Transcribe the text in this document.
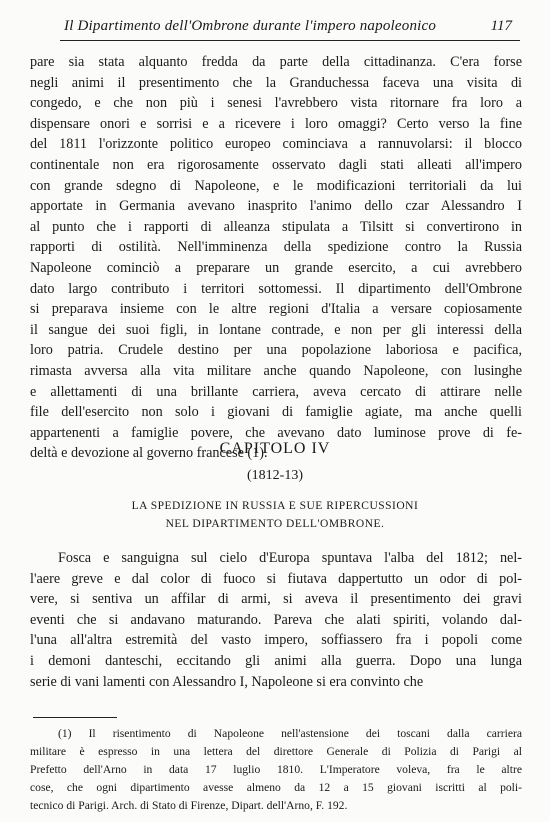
Il Dipartimento dell'Ombrone durante l'impero napoleonico	117
pare sia stata alquanto fredda da parte della cittadinanza. C'era forse
negli animi il presentimento che la Granduchessa faceva una visita di
congedo, e che non più i senesi l'avrebbero vista ritornare fra loro a
dispensare onori e sorrisi e a ricevere i loro omaggi? Certo verso la fine
del 1811 l'orizzonte politico europeo cominciava a rannuvolarsi: il blocco
continentale non era rigorosamente osservato dagli stati alleati all'impero
con grande sdegno di Napoleone, e le modificazioni territoriali da lui
apportate in Germania avevano inasprito l'animo dello czar Alessandro I
al punto che i rapporti di alleanza stipulata a Tilsitt si convertirono in
rapporti di ostilità. Nell'imminenza della spedizione contro la Russia
Napoleone cominciò a preparare un grande esercito, a cui avrebbero
dato largo contributo i territori sottomessi. Il dipartimento dell'Ombrone
si preparava insieme con le altre regioni d'Italia a versare copiosamente
il sangue dei suoi figli, in lontane contrade, e non per gli interessi della
loro patria. Crudele destino per una popolazione laboriosa e pacifica,
rimasta avversa alla vita militare anche quando Napoleone, con lusinghe
e allettamenti di una brillante carriera, aveva cercato di attirare nelle
file dell'esercito non solo i giovani di famiglie agiate, ma anche quelli
appartenenti a famiglie povere, che avevano dato luminose prove di fe-
deltà e devozione al governo francese (1).
CAPITOLO IV
(1812-13)
LA SPEDIZIONE IN RUSSIA E SUE RIPERCUSSIONI
NEL DIPARTIMENTO DELL'OMBRONE.
Fosca e sanguigna sul cielo d'Europa spuntava l'alba del 1812; nel-
l'aere greve e dal color di fuoco si fiutava dappertutto un odor di pol-
vere, si sentiva un affilar di armi, si aveva il presentimento dei gravi
eventi che si andavano maturando. Pareva che alati spiriti, volando dal-
l'una all'altra estremità del vasto impero, soffiassero fra i popoli come
i demoni danteschi, eccitando gli animi alla guerra. Dopo una lunga
serie di vani lamenti con Alessandro I, Napoleone si era convinto che
(1) Il risentimento di Napoleone nell'astensione dei toscani dalla carriera
militare è espresso in una lettera del direttore Generale di Polizia di Parigi al
Prefetto dell'Arno in data 17 luglio 1810. L'Imperatore voleva, fra le altre
cose, che ogni dipartimento avesse almeno da 12 a 15 giovani iscritti al poli-
tecnico di Parigi. Arch. di Stato di Firenze, Dipart. dell'Arno, F. 192.
